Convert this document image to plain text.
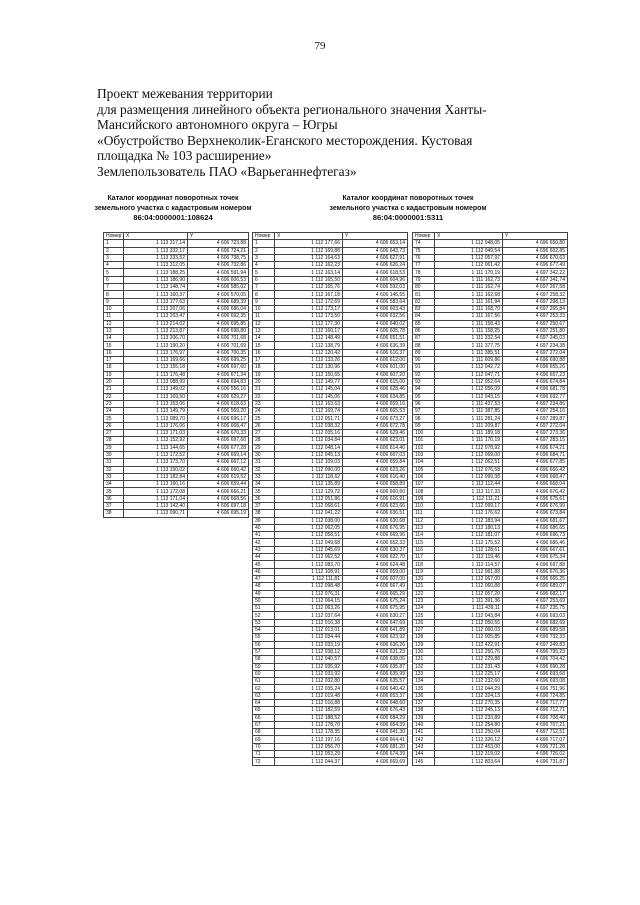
79
Проект межевания территории
для размещения линейного объекта регионального значения Ханты-
Мансийского автономного округа – Югры
«Обустройство Верхнеколик-Еганского месторождения. Кустовая
площадка № 103 расширение»
Землепользователь ПАО «Варьеганнефтегаз»
Каталог координат поворотных точек
земельного участка с кадастровым номером
86:04:0000001:108624
Каталог координат поворотных точек
земельного участка с кадастровым номером
86:04:0000001:5311
Номер	X	Y
1	1 113 317,14	4 606 723,88
2	1 113 332,17	4 606 724,21
3	1 113 333,52	4 606 738,75
4	1 113 312,05	4 606 732,86
5	1 113 188,25	4 606 591,94
6	1 113 186,90	4 606 606,53
7	1 113 148,74	4 606 585,02
8	1 113 160,37	4 606 570,05
9	1 113 177,63	4 606 689,39
10	1 113 207,06	4 606 686,04
11	1 113 203,47	4 606 692,35
12	1 113 214,02	4 606 695,85
13	1 113 213,87	4 606 698,80
14	1 113 206,70	4 606 701,68
15	1 113 190,20	4 606 701,69
16	1 113 176,97	4 606 700,35
17	1 113 169,66	4 606 699,25
18	1 113 155,18	4 606 697,60
19	1 113 176,48	4 606 671,34
20	1 113 088,99	4 606 694,83
21	1 113 149,02	4 606 556,16
22	1 113 169,50	4 606 629,27
23	1 113 153,06	4 606 618,63
24	1 113 149,79	4 606 569,20
25	1 113 089,70	4 606 696,17
26	1 113 176,06	4 606 668,47
27	1 113 171,03	4 606 670,33
28	1 113 152,92	4 606 697,60
29	1 113 144,65	4 606 677,28
30	1 113 172,52	4 606 669,14
31	1 113 173,70	4 606 667,12
32	1 113 150,02	4 606 660,42
33	1 113 182,84	4 606 619,52
34	1 113 160,16	4 606 659,44
35	1 113 172,08	4 606 666,21
36	1 113 171,04	4 606 668,56
37	1 113 142,40	4 606 697,18
38	1 113 090,71	4 606 695,19
Номер	X	Y
1	1 112 177,66	4 606 653,14
2	1 112 169,88	4 606 643,73
3	1 112 164,63	4 606 627,91
4	1 112 162,23	4 606 626,24
5	1 112 163,14	4 606 618,53
6	1 112 165,50	4 606 604,96
7	1 112 165,76	4 606 592,03
8	1 112 167,18	4 606 145,55
9	1 112 172,69	4 606 583,64
10	1 112 173,17	4 606 603,43
11	1 112 173,50	4 606 632,56
12	1 112 177,30	4 606 640,02
13	1 112 160,17	4 606 605,78
14	1 112 148,49	4 606 651,51
15	1 112 138,79	4 606 636,39
16	1 112 120,42	4 606 616,37
17	1 112 133,26	4 606 612,00
18	1 112 130,96	4 606 601,00
19	1 112 150,65	4 606 607,20
20	1 112 149,77	4 606 615,00
21	1 112 145,04	4 606 628,46
22	1 112 145,06	4 606 634,85
23	1 112 163,63	4 606 659,16
24	1 112 169,74	4 606 665,53
25	1 112 051,71	4 606 673,27
26	1 112 038,32	4 606 672,78
27	1 112 035,16	4 606 629,46
28	1 112 034,84	4 606 623,01
29	1 112 048,14	4 606 614,40
30	1 112 045,13	4 606 667,03
31	1 112 109,03	4 606 659,84
32	1 112 090,00	4 606 623,26
33	1 112 118,62	4 606 616,40
34	1 112 135,89	4 606 658,89
35	1 112 129,72	4 606 660,60
36	1 112 051,86	4 606 616,91
37	1 112 068,61	4 606 623,66
38	1 112 041,22	4 606 636,51
39	1 112 038,00	4 606 630,68
40	1 112 062,05	4 606 676,95
41	1 112 058,51	4 606 669,96
42	1 112 049,68	4 606 652,33
43	1 112 045,69	4 606 630,37
44	1 112 062,52	4 606 622,70
45	1 112 083,70	4 606 624,48
46	1 112 108,91	4 606 659,00
47	1 112 111,81	4 606 607,00
48	1 112 098,48	4 606 667,49
49	1 112 076,31	4 606 665,29
50	1 112 064,15	4 606 675,24
51	1 112 063,26	4 606 675,95
52	1 112 037,64	4 606 630,27
53	1 112 016,38	4 606 647,69
54	1 112 013,01	4 606 641,89
55	1 112 034,44	4 606 623,92
56	1 112 033,19	4 606 636,26
57	1 112 038,12	4 606 631,23
58	1 112 040,57	4 606 638,06
59	1 112 035,92	4 606 635,87
60	1 112 033,92	4 606 635,99
61	1 112 032,80	4 606 635,57
62	1 112 035,24	4 606 640,42
63	1 112 019,48	4 606 653,37
64	1 112 016,88	4 606 648,60
65	1 112 182,59	4 606 676,43
66	1 112 188,52	4 606 684,29
67	1 112 178,70	4 606 654,39
68	1 112 178,35	4 606 641,30
69	1 112 197,16	4 606 664,41
70	1 112 056,70	4 606 681,20
71	1 112 053,29	4 606 674,39
72	1 112 044,37	4 606 669,69
Номер	X	Y
74	1 112 048,05	4 696 650,80
75	1 112 049,54	4 696 602,85
76	1 112 057,97	4 696 670,63
77	1 112 061,42	4 696 677,49
78	1 111 170,19	4 697 342,22
79	1 111 162,73	4 697 341,74
80	1 111 162,74	4 697 267,58
81	1 111 162,68	4 697 258,32
82	1 111 161,94	4 697 298,13
83	1 111 168,70	4 697 265,84
84	1 111 167,56	4 697 253,33
85	1 111 158,43	4 697 250,67
86	1 111 158,25	4 697 251,80
87	1 111 332,54	4 697 245,03
88	1 111 377,75	4 697 234,38
89	1 111 385,51	4 697 272,04
90	1 111 609,86	4 696 690,88
91	1 112 042,72	4 696 655,26
92	1 112 047,71	4 696 657,23
93	1 112 052,64	4 696 674,84
94	1 112 056,09	4 696 681,78
95	1 112 043,15	4 696 692,77
96	1 111 437,53	4 697 234,86
97	1 111 387,85	4 697 254,16
98	1 111 281,24	4 697 289,87
99	1 111 209,87	4 697 272,04
100	1 111 189,18	4 697 273,36
101	1 111 170,19	4 697 283,15
102	1 112 078,92	4 696 674,21
103	1 112 069,00	4 696 684,71
104	1 112 062,51	4 696 677,85
105	1 112 076,58	4 696 666,42
106	1 112 099,38	4 696 668,47
107	1 112 112,44	4 696 668,04
108	1 112 117,33	4 696 676,42
109	1 112 111,21	4 696 675,61
110	1 112 099,17	4 696 676,99
111	1 112 176,62	4 696 673,84
112	1 112 183,94	4 696 681,67
113	1 112 180,13	4 696 686,65
114	1 112 181,07	4 696 696,73
115	1 112 175,52	4 696 686,46
116	1 112 128,61	4 696 667,61
117	1 112 119,46	4 696 675,34
118	1 112 114,57	4 696 697,88
119	1 112 061,88	4 696 676,36
120	1 112 067,00	4 696 665,25
121	1 112 060,88	4 696 689,07
122	1 112 057,20	4 696 682,17
123	1 111 391,36	4 697 253,69
124	1 111 439,11	4 697 235,75
125	1 112 043,84	4 696 693,03
126	1 112 050,55	4 696 682,69
127	1 112 060,03	4 696 689,58
128	1 112 005,85	4 696 732,33
129	1 112 422,91	4 697 249,83
130	1 112 250,76	4 696 795,23
131	1 112 229,88	4 696 704,42
132	1 112 231,43	4 696 690,28
133	1 112 225,17	4 696 693,68
134	1 112 232,60	4 696 693,08
135	1 112 044,29	4 696 751,96
136	1 112 324,13	4 696 724,85
137	1 112 270,35	4 696 717,77
138	1 112 245,13	4 696 712,71
139	1 112 233,89	4 696 708,40
140	1 112 254,80	4 696 707,21
141	1 112 250,04	4 697 712,51
142	1 112 326,12	4 696 717,07
143	1 112 453,00	4 696 721,28
144	1 112 319,02	4 696 726,02
145	1 112 803,64	4 696 731,87
